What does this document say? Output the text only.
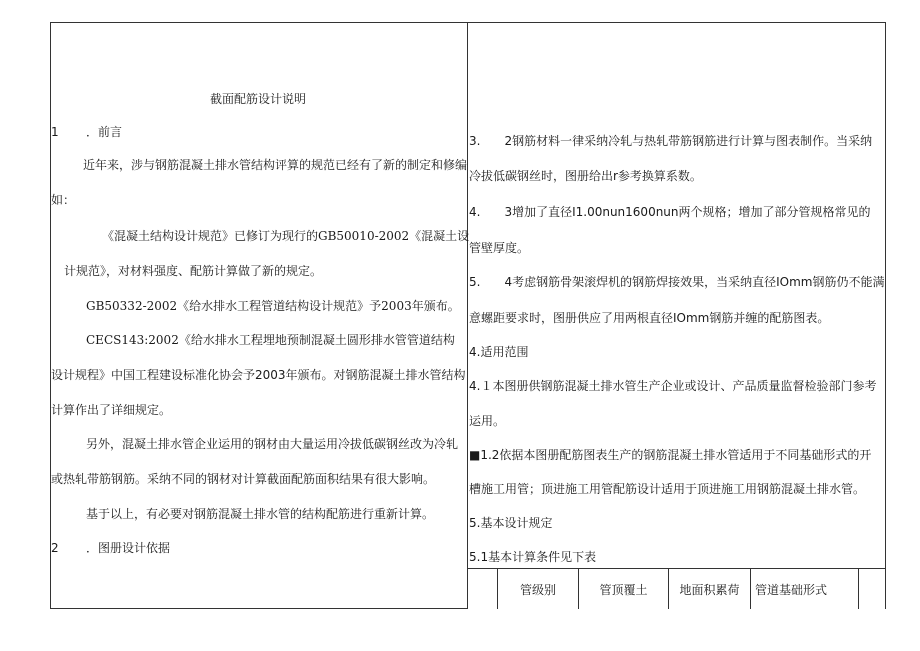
截面配筋设计说明
1 ．前言
近年来，涉与钢筋混凝土排水管结构评算的规范已经有了新的制定和修编
如：
《混凝土结构设计规范》已修订为现行的GB50010-2002《混凝土设
计规范》，对材料强度、配筋计算做了新的规定。
GB50332-2002《给水排水工程管道结构设计规范》予2003年颁布。
CECS143:2002《给水排水工程埋地预制混凝土圆形排水管管道结构
设计规程》中国工程建设标准化协会予2003年颁布。对钢筋混凝土排水管结构
计算作出了详细规定。
另外，混凝土排水管企业运用的钢材由大量运用冷拔低碳钢丝改为冷轧
或热轧带筋钢筋。采纳不同的钢材对计算截面配筋面积结果有很大影响。
基于以上，有必要对钢筋混凝土排水管的结构配筋进行重新计算。
2 ．图册设计依据
3.　　2钢筋材料一律采纳冷轧与热轧带筋钢筋进行计算与图表制作。当采纳
冷拔低碳钢丝时，图册给出r参考换算系数。
4.　　3增加了直径I1.00nun1600nun两个规格；增加了部分管规格常见的
管壁厚度。
5.　　4考虑钢筋骨架滚焊机的钢筋焊接效果，当采纳直径IOmm钢筋仍不能满
意螺距要求时，图册供应了用两根直径IOmm钢筋并缠的配筋图表。
4.适用范围
4.１本图册供钢筋混凝土排水管生产企业或设计、产品质量监督检验部门参考
运用。
■1.2依据本图册配筋图表生产的钢筋混凝土排水管适用于不同基础形式的开
槽施工用管；顶进施工用管配筋设计适用于顶进施工用钢筋混凝土排水管。
5.基本设计规定
5.1基本计算条件见下表
管级别	管顶覆土	地面积累荷	管道基础形式
